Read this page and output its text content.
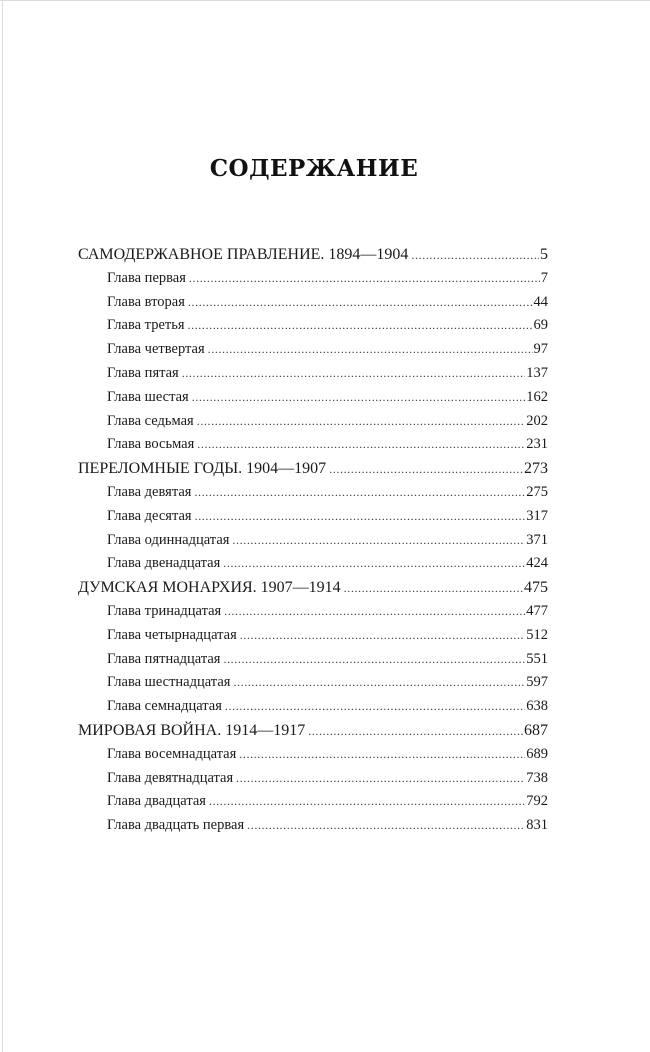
СОДЕРЖАНИЕ
САМОДЕРЖАВНОЕ ПРАВЛЕНИЕ. 1894—1904 .....	5
Глава первая .....	7
Глава вторая .....	44
Глава третья .....	69
Глава четвертая .....	97
Глава пятая .....	137
Глава шестая .....	162
Глава седьмая .....	202
Глава восьмая .....	231
ПЕРЕЛОМНЫЕ ГОДЫ. 1904—1907 .....	273
Глава девятая .....	275
Глава десятая .....	317
Глава одиннадцатая .....	371
Глава двенадцатая .....	424
ДУМСКАЯ МОНАРХИЯ. 1907—1914 .....	475
Глава тринадцатая .....	477
Глава четырнадцатая .....	512
Глава пятнадцатая .....	551
Глава шестнадцатая .....	597
Глава семнадцатая .....	638
МИРОВАЯ ВОЙНА. 1914—1917 .....	687
Глава восемнадцатая .....	689
Глава девятнадцатая .....	738
Глава двадцатая .....	792
Глава двадцать первая .....	831
